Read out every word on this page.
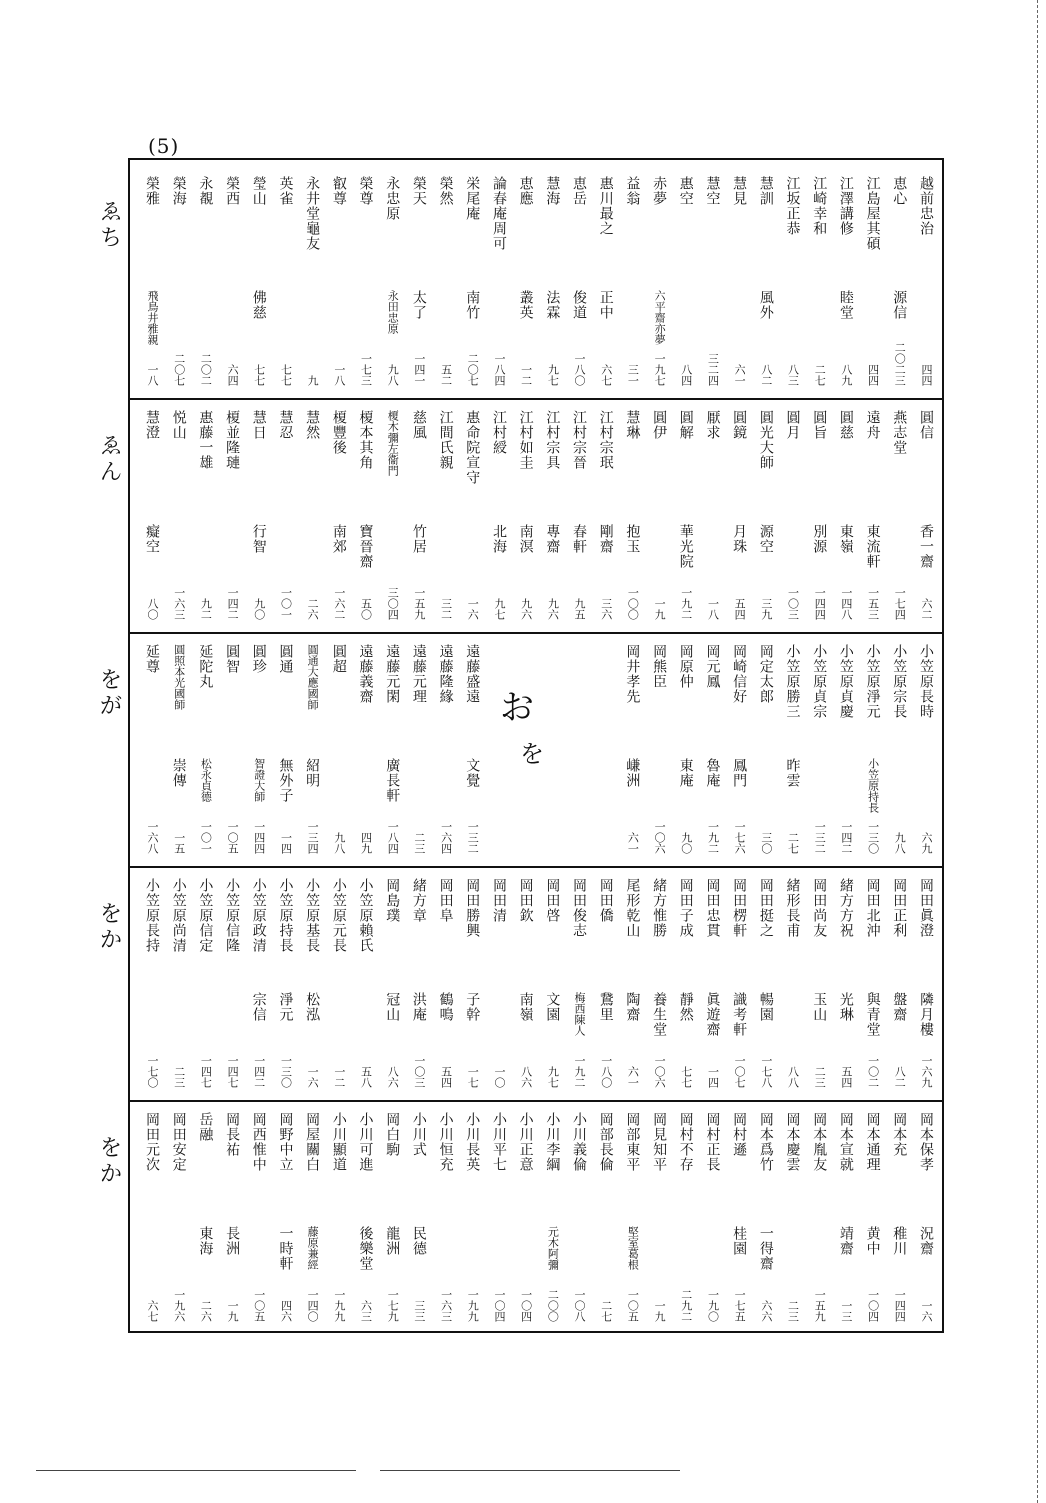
(5)
ゑち
ゑん
をが
をか
をか
越前忠治
四四
恵心
源信
二〇二三
江島屋其碩
四四
江澤講修
睦堂
八九
江崎幸和
二七
江坂正恭
八三
慧訓
風外
八二
慧見
六一
慧空
三二四
惠空
八四
赤夢
六平齋亦夢
一九七
益翁
三一
惠川最之
正中
六七
恵岳
俊道
一八〇
慧海
法霖
九七
恵應
叢英
一二
論春庵周可
一八四
栄尾庵
南竹
二〇七
榮然
五二
榮天
太了
一四一
永忠原
永田忠原
九八
榮尊
一七三
叡尊
一八
永井堂龜友
九
英雀
七七
瑩山
佛慈
七七
榮西
六四
永覩
二〇二
榮海
二〇七
榮雅
飛鳥井雅親
一八
圓信
香一齋
六二
燕志堂
一七四
遠舟
東流軒
一五三
圓慈
東嶺
一四八
圓旨
別源
一四四
圓月
一〇三
圓光大師
源空
三九
圓鏡
月珠
五四
厭求
一八
圓解
華光院
一九二
圓伊
一九
慧琳
抱玉
一〇〇
江村宗珉
剛齋
三六
江村宗晉
春軒
九五
江村宗具
專齋
九六
江村如圭
南溟
九六
江村綬
北海
九七
惠命院宣守
一六
江間氏親
三二
慈風
竹居
一五九
榎木彌左衞門
三〇四
榎本其角
寶晉齋
五〇
榎豐後
南郊
一六二
慧然
二六
慧忍
一〇一
慧日
行智
九〇
榎並隆璉
一四二
惠藤一雄
九二
悦山
一六三
慧澄
癡空
八〇
小笠原長時
六九
小笠原宗長
九八
小笠原淨元
小笠原持長
一三〇
小笠原貞慶
一四二
小笠原貞宗
一三二
小笠原勝三
昨雲
二七
岡定太郎
三〇
岡崎信好
鳳門
一七六
岡元鳳
魯庵
一九二
岡原仲
東庵
九〇
岡熊臣
一〇六
岡井孝先
嵰洲
六一
遠藤盛遠
文覺
一三二
遠藤隆緣
一六四
遠藤元理
二三
遠藤元閑
廣長軒
一八四
遠藤義齋
四九
圓超
九八
圓通大應國師
紹明
一三四
圓通
無外子
一四
圓珍
智證大師
一四四
圓智
一〇五
延陀丸
松永貞德
一〇一
圓照本光國師
崇傳
一五
延尊
一六八
岡田眞澄
隣月樓
一六九
岡田正利
盤齋
八二
岡田北沖
與青堂
一〇二
緒方方祝
光琳
五四
岡田尚友
玉山
二三
緒形長甫
八八
岡田挺之
暢園
一七八
岡田楞軒
識考軒
一〇七
岡田忠貫
眞遊齋
一四
岡田子成
靜然
七七
緒方惟勝
養生堂
一〇六
尾形乾山
陶齋
六一
岡田僑
鵞里
一八〇
岡田俊志
梅西陳人
一九二
岡田啓
文園
九七
岡田欽
南嶺
八六
岡田清
一〇
岡田勝興
子幹
一七
岡田阜
鶴鳴
五四
緒方章
洪庵
一〇三
岡島璞
冠山
八六
小笠原賴氏
五八
小笠原元長
一二
小笠原基長
松泓
一六
小笠原持長
淨元
一三〇
小笠原政清
宗信
一四二
小笠原信隆
一四七
小笠原信定
一四七
小笠原尚清
二三
小笠原長持
一七〇
岡本保孝
況齋
一六
岡本充
稚川
一四四
岡本通理
黄中
一〇四
岡本宣就
靖齋
一三
岡本胤友
一五九
岡本慶雲
二三
岡本爲竹
一得齋
六六
岡村遜
桂園
一七五
岡村正長
一九〇
岡村不存
二九二
岡見知平
一九
岡部東平
堅室葛根
一〇五
岡部長倫
二七
小川義倫
一〇八
小川李綱
元木阿彌
二〇〇
小川正意
一〇四
小川平七
一〇四
小川長英
一九九
小川恒充
一六三
小川式
民德
三三
岡白駒
龍洲
一七九
小川可進
後樂堂
六三
小川顯道
一九九
岡屋關白
藤原兼經
一四〇
岡野中立
一時軒
四六
岡西惟中
一〇五
岡長祐
長洲
一九
岳融
東海
二六
岡田安定
一九六
岡田元次
六七
お
を
